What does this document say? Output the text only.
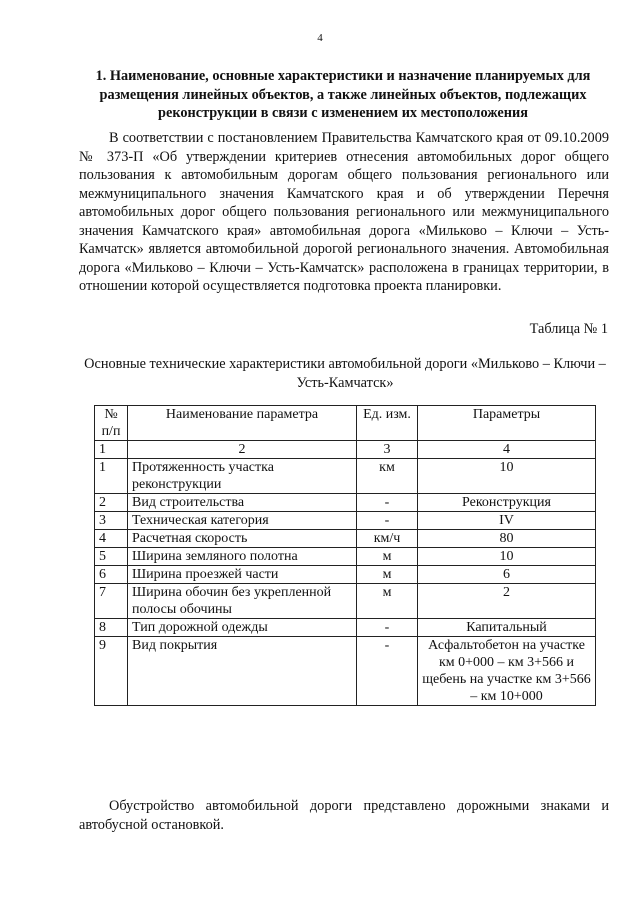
4
1. Наименование, основные характеристики и назначение планируемых для размещения линейных объектов, а также линейных объектов, подлежащих реконструкции в связи с изменением их местоположения
В соответствии с постановлением Правительства Камчатского края от 09.10.2009 № 373-П «Об утверждении критериев отнесения автомобильных дорог общего пользования к автомобильным дорогам общего пользования регионального или межмуниципального значения Камчатского края и об утверждении Перечня автомобильных дорог общего пользования регионального или межмуниципального значения Камчатского края» автомобильная дорога «Мильково – Ключи – Усть-Камчатск» является автомобильной дорогой регионального значения. Автомобильная дорога «Мильково – Ключи – Усть-Камчатск» расположена в границах территории, в отношении которой осуществляется подготовка проекта планировки.
Таблица № 1
Основные технические характеристики автомобильной дороги «Мильково – Ключи – Усть-Камчатск»
№ п/п	Наименование параметра	Ед. изм.	Параметры
1	2	3	4
1	Протяженность участка реконструкции	км	10
2	Вид строительства	-	Реконструкция
3	Техническая категория	-	IV
4	Расчетная скорость	км/ч	80
5	Ширина земляного полотна	м	10
6	Ширина проезжей части	м	6
7	Ширина обочин без укрепленной полосы обочины	м	2
8	Тип дорожной одежды	-	Капитальный
9	Вид покрытия	-	Асфальтобетон на участке км 0+000 – км 3+566 и щебень на участке км 3+566 – км 10+000
Обустройство автомобильной дороги представлено дорожными знаками и автобусной остановкой.
